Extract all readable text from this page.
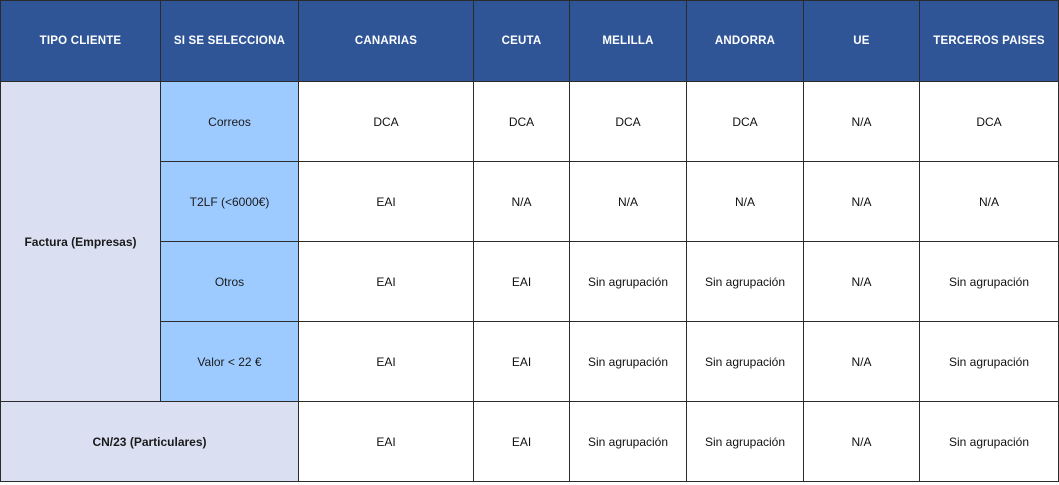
TIPO CLIENTE	SI SE SELECCIONA	CANARIAS	CEUTA	MELILLA	ANDORRA	UE	TERCEROS PAISES
Factura (Empresas)	Correos	DCA	DCA	DCA	DCA	N/A	DCA
	T2LF (<6000€)	EAI	N/A	N/A	N/A	N/A	N/A
	Otros	EAI	EAI	Sin agrupación	Sin agrupación	N/A	Sin agrupación
	Valor < 22 €	EAI	EAI	Sin agrupación	Sin agrupación	N/A	Sin agrupación
CN/23 (Particulares)		EAI	EAI	Sin agrupación	Sin agrupación	N/A	Sin agrupación
